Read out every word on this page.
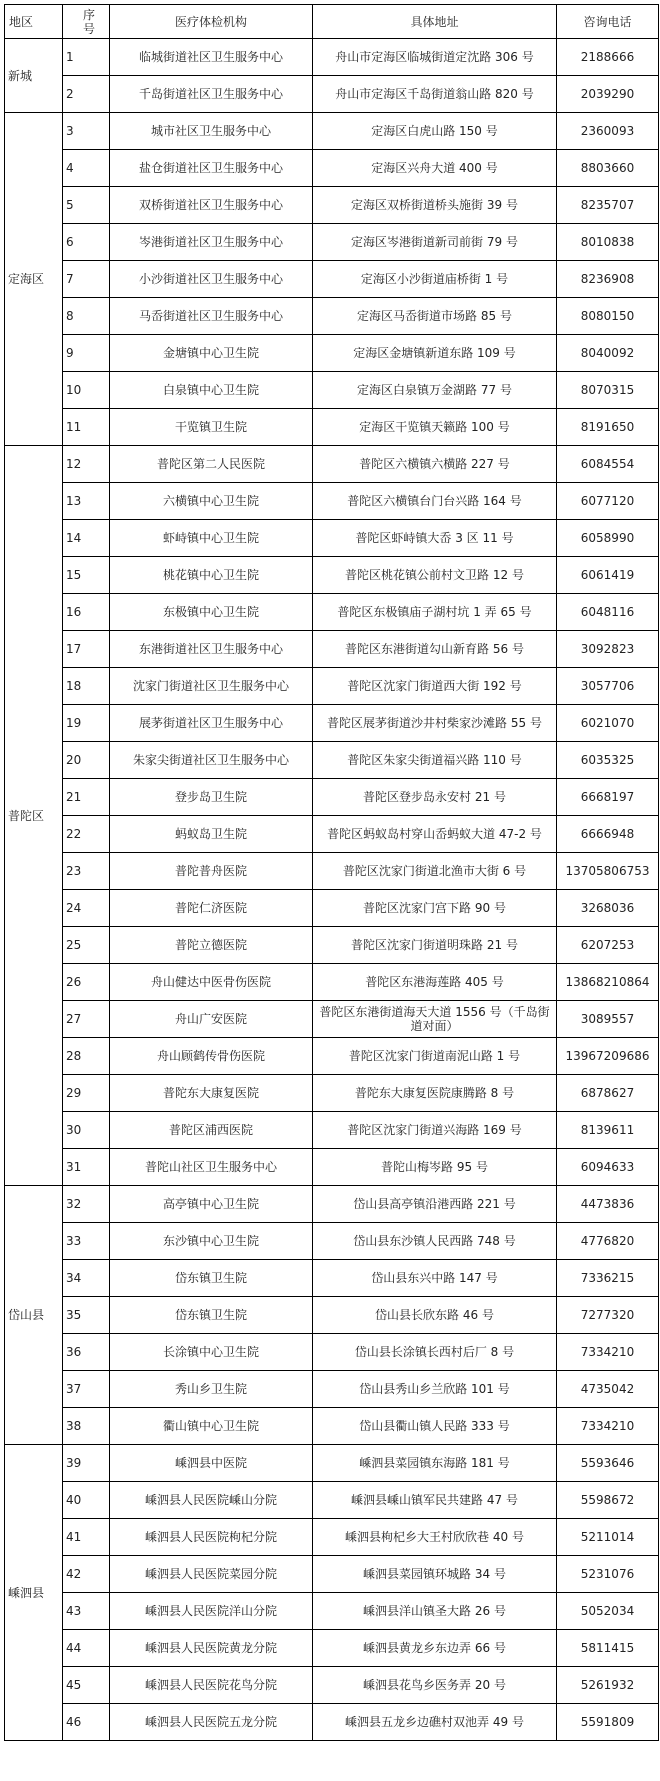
地区	序号	医疗体检机构	具体地址	咨询电话
新城	1	临城街道社区卫生服务中心	舟山市定海区临城街道定沈路 306 号	2188666
	2	千岛街道社区卫生服务中心	舟山市定海区千岛街道翁山路 820 号	2039290
定海区	3	城市社区卫生服务中心	定海区白虎山路 150 号	2360093
	4	盐仓街道社区卫生服务中心	定海区兴舟大道 400 号	8803660
	5	双桥街道社区卫生服务中心	定海区双桥街道桥头施街 39 号	8235707
	6	岑港街道社区卫生服务中心	定海区岑港街道新司前街 79 号	8010838
	7	小沙街道社区卫生服务中心	定海区小沙街道庙桥街 1 号	8236908
	8	马岙街道社区卫生服务中心	定海区马岙街道市场路 85 号	8080150
	9	金塘镇中心卫生院	定海区金塘镇新道东路 109 号	8040092
	10	白泉镇中心卫生院	定海区白泉镇万金湖路 77 号	8070315
	11	干览镇卫生院	定海区干览镇天籁路 100 号	8191650
普陀区	12	普陀区第二人民医院	普陀区六横镇六横路 227 号	6084554
	13	六横镇中心卫生院	普陀区六横镇台门台兴路 164 号	6077120
	14	虾峙镇中心卫生院	普陀区虾峙镇大岙 3 区 11 号	6058990
	15	桃花镇中心卫生院	普陀区桃花镇公前村文卫路 12 号	6061419
	16	东极镇中心卫生院	普陀区东极镇庙子湖村坑 1 弄 65 号	6048116
	17	东港街道社区卫生服务中心	普陀区东港街道勾山新育路 56 号	3092823
	18	沈家门街道社区卫生服务中心	普陀区沈家门街道西大街 192 号	3057706
	19	展茅街道社区卫生服务中心	普陀区展茅街道沙井村柴家沙滩路 55 号	6021070
	20	朱家尖街道社区卫生服务中心	普陀区朱家尖街道福兴路 110 号	6035325
	21	登步岛卫生院	普陀区登步岛永安村 21 号	6668197
	22	蚂蚁岛卫生院	普陀区蚂蚁岛村穿山岙蚂蚁大道 47-2 号	6666948
	23	普陀普舟医院	普陀区沈家门街道北渔市大街 6 号	13705806753
	24	普陀仁济医院	普陀区沈家门宫下路 90 号	3268036
	25	普陀立德医院	普陀区沈家门街道明珠路 21 号	6207253
	26	舟山健达中医骨伤医院	普陀区东港海莲路 405 号	13868210864
	27	舟山广安医院	普陀区东港街道海天大道 1556 号（千岛街道对面）	3089557
	28	舟山顾鹤传骨伤医院	普陀区沈家门街道南泥山路 1 号	13967209686
	29	普陀东大康复医院	普陀东大康复医院康腾路 8 号	6878627
	30	普陀区浦西医院	普陀区沈家门街道兴海路 169 号	8139611
	31	普陀山社区卫生服务中心	普陀山梅岑路 95 号	6094633
岱山县	32	高亭镇中心卫生院	岱山县高亭镇沿港西路 221 号	4473836
	33	东沙镇中心卫生院	岱山县东沙镇人民西路 748 号	4776820
	34	岱东镇卫生院	岱山县东兴中路 147 号	7336215
	35	岱东镇卫生院	岱山县长欣东路 46 号	7277320
	36	长涂镇中心卫生院	岱山县长涂镇长西村后厂 8 号	7334210
	37	秀山乡卫生院	岱山县秀山乡兰欣路 101 号	4735042
	38	衢山镇中心卫生院	岱山县衢山镇人民路 333 号	7334210
嵊泗县	39	嵊泗县中医院	嵊泗县菜园镇东海路 181 号	5593646
	40	嵊泗县人民医院嵊山分院	嵊泗县嵊山镇军民共建路 47 号	5598672
	41	嵊泗县人民医院枸杞分院	嵊泗县枸杞乡大王村欣欣巷 40 号	5211014
	42	嵊泗县人民医院菜园分院	嵊泗县菜园镇环城路 34 号	5231076
	43	嵊泗县人民医院洋山分院	嵊泗县洋山镇圣大路 26 号	5052034
	44	嵊泗县人民医院黄龙分院	嵊泗县黄龙乡东边弄 66 号	5811415
	45	嵊泗县人民医院花鸟分院	嵊泗县花鸟乡医务弄 20 号	5261932
	46	嵊泗县人民医院五龙分院	嵊泗县五龙乡边礁村双池弄 49 号	5591809
